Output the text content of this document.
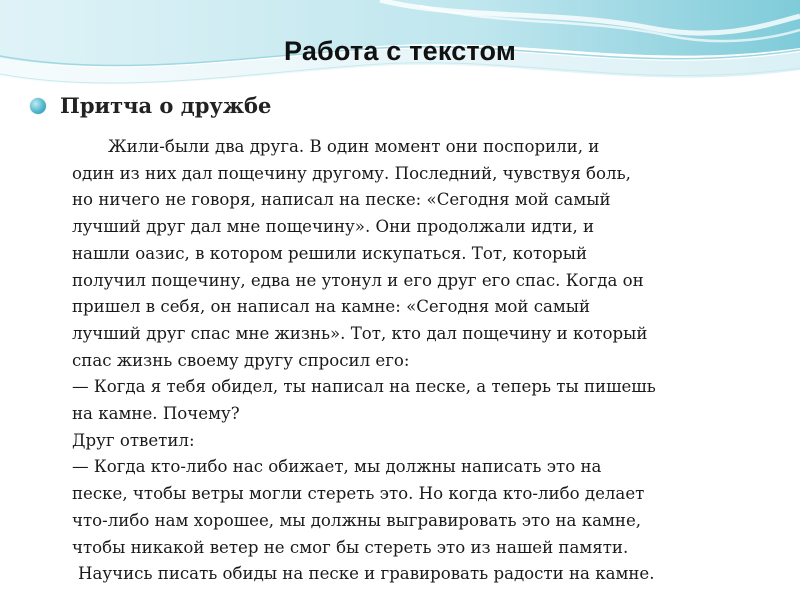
Работа с текстом
Притча о дружбе
Жили-были два друга. В один момент они поспорили, и
один из них дал пощечину другому. Последний, чувствуя боль,
но ничего не говоря, написал на песке: «Сегодня мой самый
лучший друг дал мне пощечину». Они продолжали идти, и
нашли оазис, в котором решили искупаться. Тот, который
получил пощечину, едва не утонул и его друг его спас. Когда он
пришел в себя, он написал на камне: «Сегодня мой самый
лучший друг спас мне жизнь». Тот, кто дал пощечину и который
спас жизнь своему другу спросил его:
— Когда я тебя обидел, ты написал на песке, а теперь ты пишешь
на камне. Почему?
Друг ответил:
— Когда кто-либо нас обижает, мы должны написать это на
песке, чтобы ветры могли стереть это. Но когда кто-либо делает
что-либо нам хорошее, мы должны выгравировать это на камне,
чтобы никакой ветер не смог бы стереть это из нашей памяти.
Научись писать обиды на песке и гравировать радости на камне.
